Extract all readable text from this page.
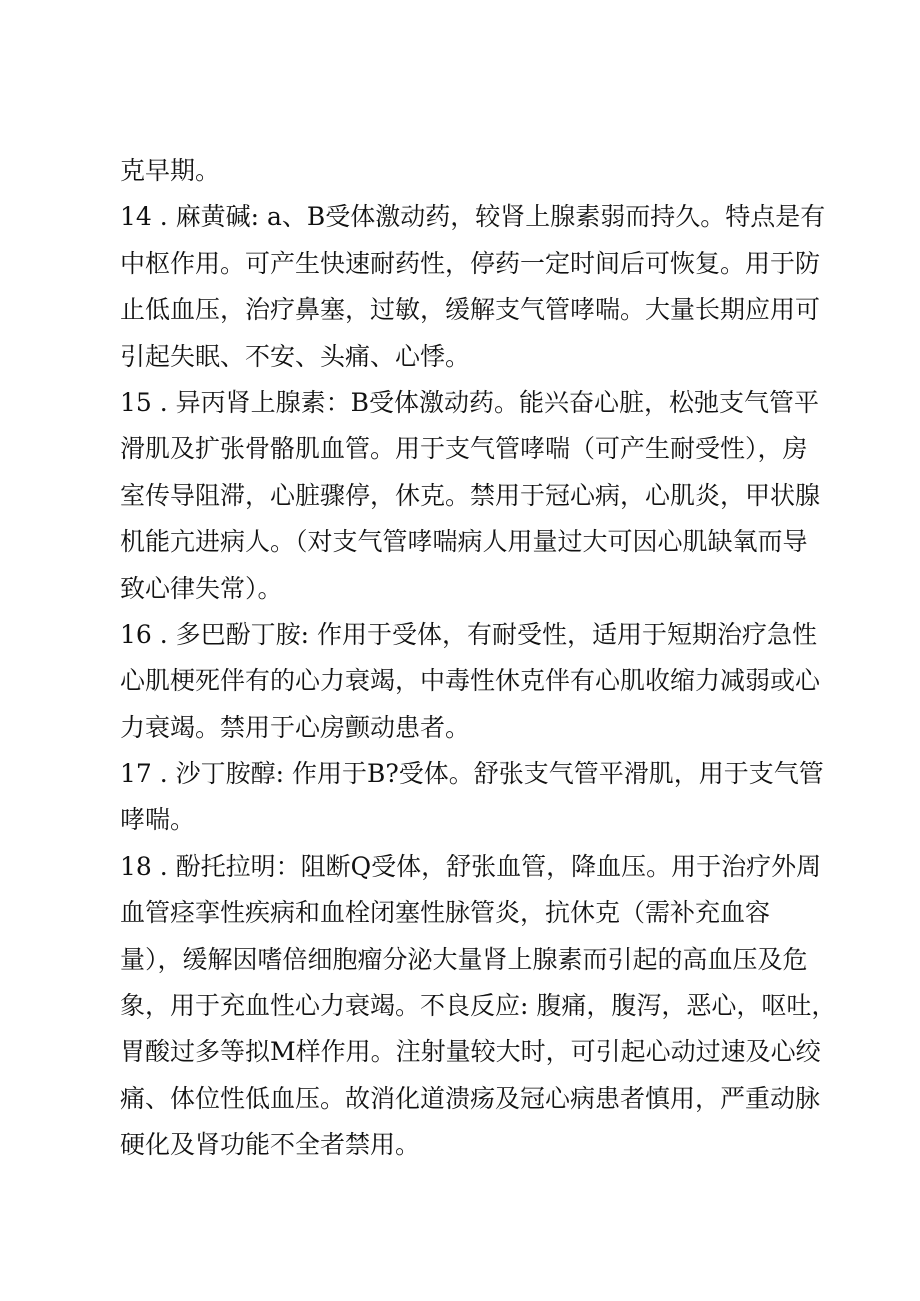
克早期。
14 . 麻黄碱: a、B受体激动药，较肾上腺素弱而持久。特点是有
中枢作用。可产生快速耐药性，停药一定时间后可恢复。用于防
止低血压，治疗鼻塞，过敏，缓解支气管哮喘。大量长期应用可
引起失眠、不安、头痛、心悸。
15 . 异丙肾上腺素：B受体激动药。能兴奋心脏，松弛支气管平
滑肌及扩张骨骼肌血管。用于支气管哮喘（可产生耐受性），房
室传导阻滞，心脏骤停，休克。禁用于冠心病，心肌炎，甲状腺
机能亢进病人。（对支气管哮喘病人用量过大可因心肌缺氧而导
致心律失常）。
16 . 多巴酚丁胺: 作用于受体，有耐受性，适用于短期治疗急性
心肌梗死伴有的心力衰竭，中毒性休克伴有心肌收缩力减弱或心
力衰竭。禁用于心房颤动患者。
17 . 沙丁胺醇: 作用于B?受体。舒张支气管平滑肌，用于支气管
哮喘。
18 . 酚托拉明：阻断Q受体，舒张血管，降血压。用于治疗外周
血管痉挛性疾病和血栓闭塞性脉管炎，抗休克（需补充血容
量），缓解因嗜倍细胞瘤分泌大量肾上腺素而引起的高血压及危
象，用于充血性心力衰竭。不良反应: 腹痛，腹泻，恶心，呕吐，
胃酸过多等拟M样作用。注射量较大时，可引起心动过速及心绞
痛、体位性低血压。故消化道溃疡及冠心病患者慎用，严重动脉
硬化及肾功能不全者禁用。
